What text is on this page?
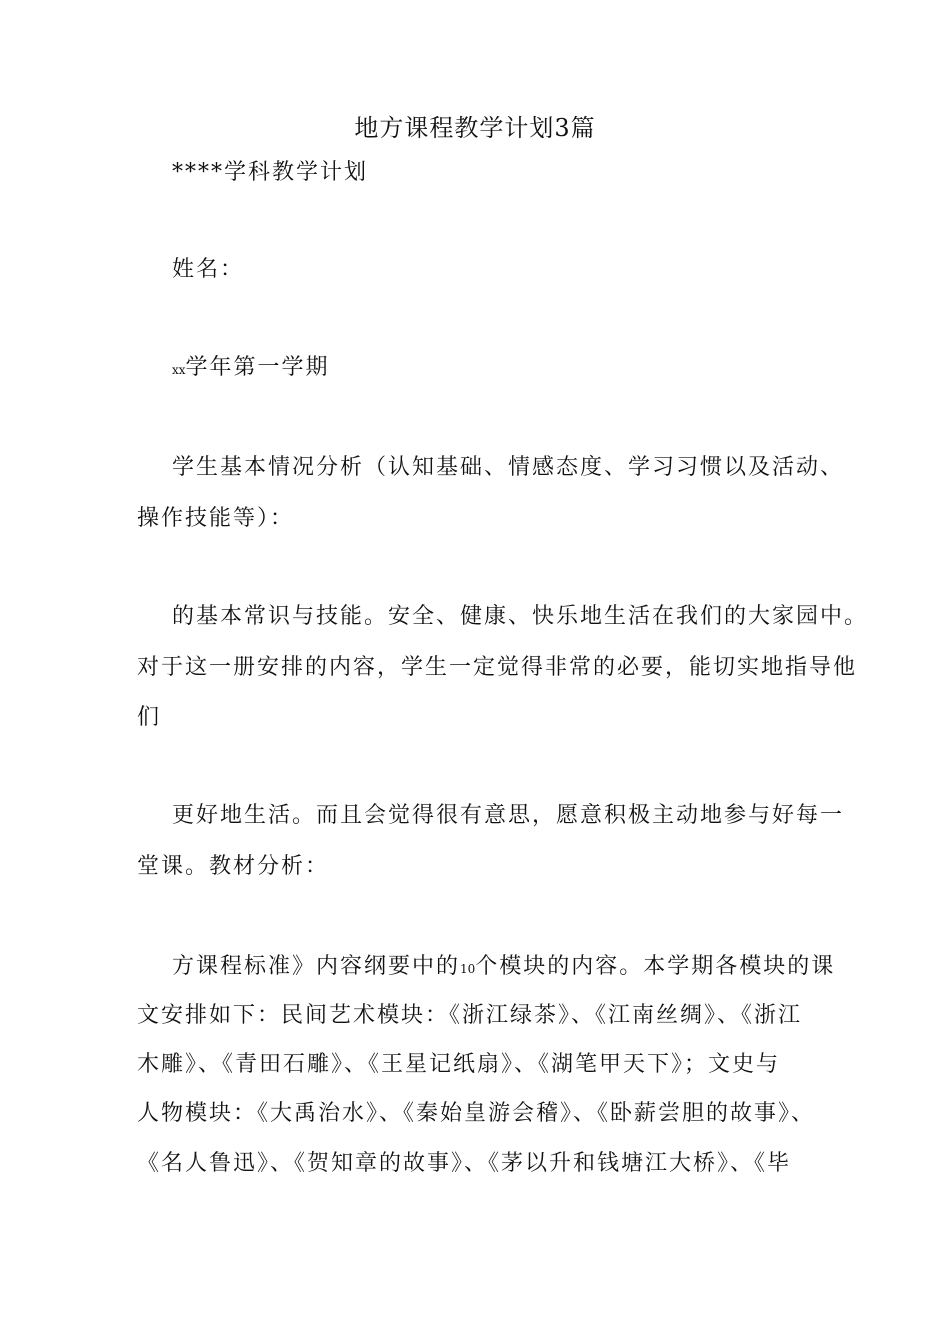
地方课程教学计划3篇
****学科教学计划
姓名：
xx学年第一学期
学生基本情况分析（认知基础、情感态度、学习习惯以及活动、
操作技能等）：
的基本常识与技能。安全、健康、快乐地生活在我们的大家园中。
对于这一册安排的内容，学生一定觉得非常的必要，能切实地指导他
们
更好地生活。而且会觉得很有意思，愿意积极主动地参与好每一
堂课。教材分析：
方课程标准》内容纲要中的10个模块的内容。本学期各模块的课
文安排如下：民间艺术模块：《浙江绿茶》、《江南丝绸》、《浙江
木雕》、《青田石雕》、《王星记纸扇》、《湖笔甲天下》；文史与
人物模块：《大禹治水》、《秦始皇游会稽》、《卧薪尝胆的故事》、
《名人鲁迅》、《贺知章的故事》、《茅以升和钱塘江大桥》、《毕
